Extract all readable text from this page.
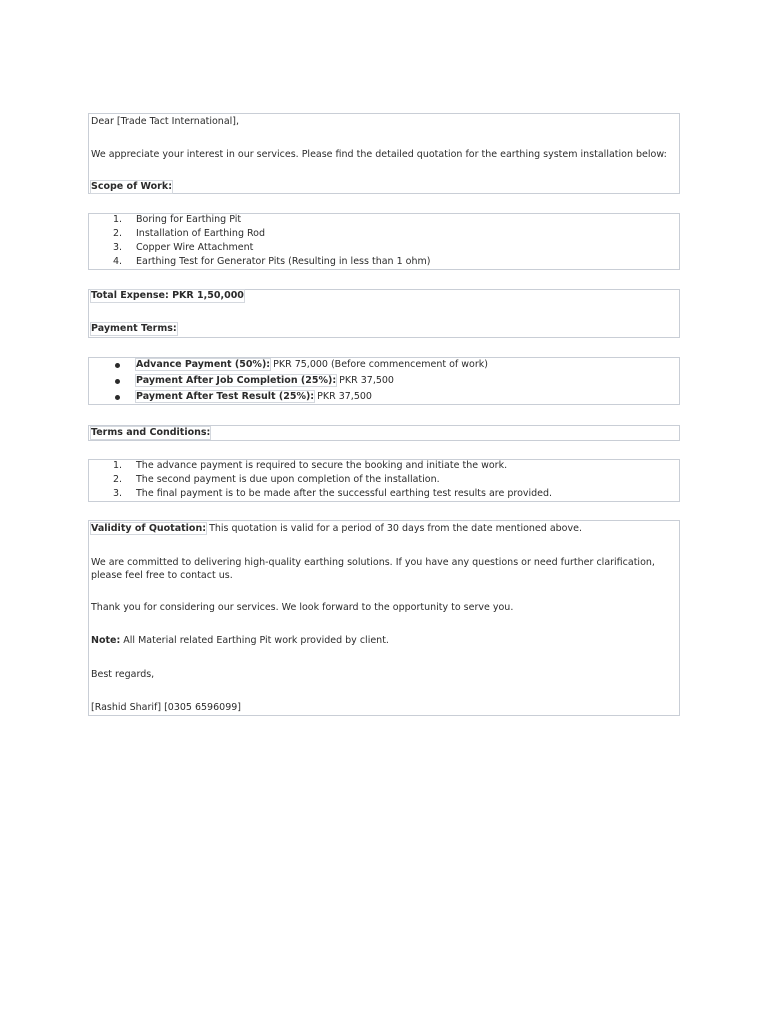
Dear [Trade Tact International],
We appreciate your interest in our services. Please find the detailed quotation for the earthing system installation below:
Scope of Work:
1.	Boring for Earthing Pit
2.	Installation of Earthing Rod
3.	Copper Wire Attachment
4.	Earthing Test for Generator Pits (Resulting in less than 1 ohm)
Total Expense: PKR 1,50,000
Payment Terms:
Advance Payment (50%): PKR 75,000 (Before commencement of work)
Payment After Job Completion (25%): PKR 37,500
Payment After Test Result (25%): PKR 37,500
Terms and Conditions:
1.	The advance payment is required to secure the booking and initiate the work.
2.	The second payment is due upon completion of the installation.
3.	The final payment is to be made after the successful earthing test results are provided.
Validity of Quotation: This quotation is valid for a period of 30 days from the date mentioned above.
We are committed to delivering high-quality earthing solutions. If you have any questions or need further clarification, please feel free to contact us.
Thank you for considering our services. We look forward to the opportunity to serve you.
Note: All Material related Earthing Pit work provided by client.
Best regards,
[Rashid Sharif] [0305 6596099]
